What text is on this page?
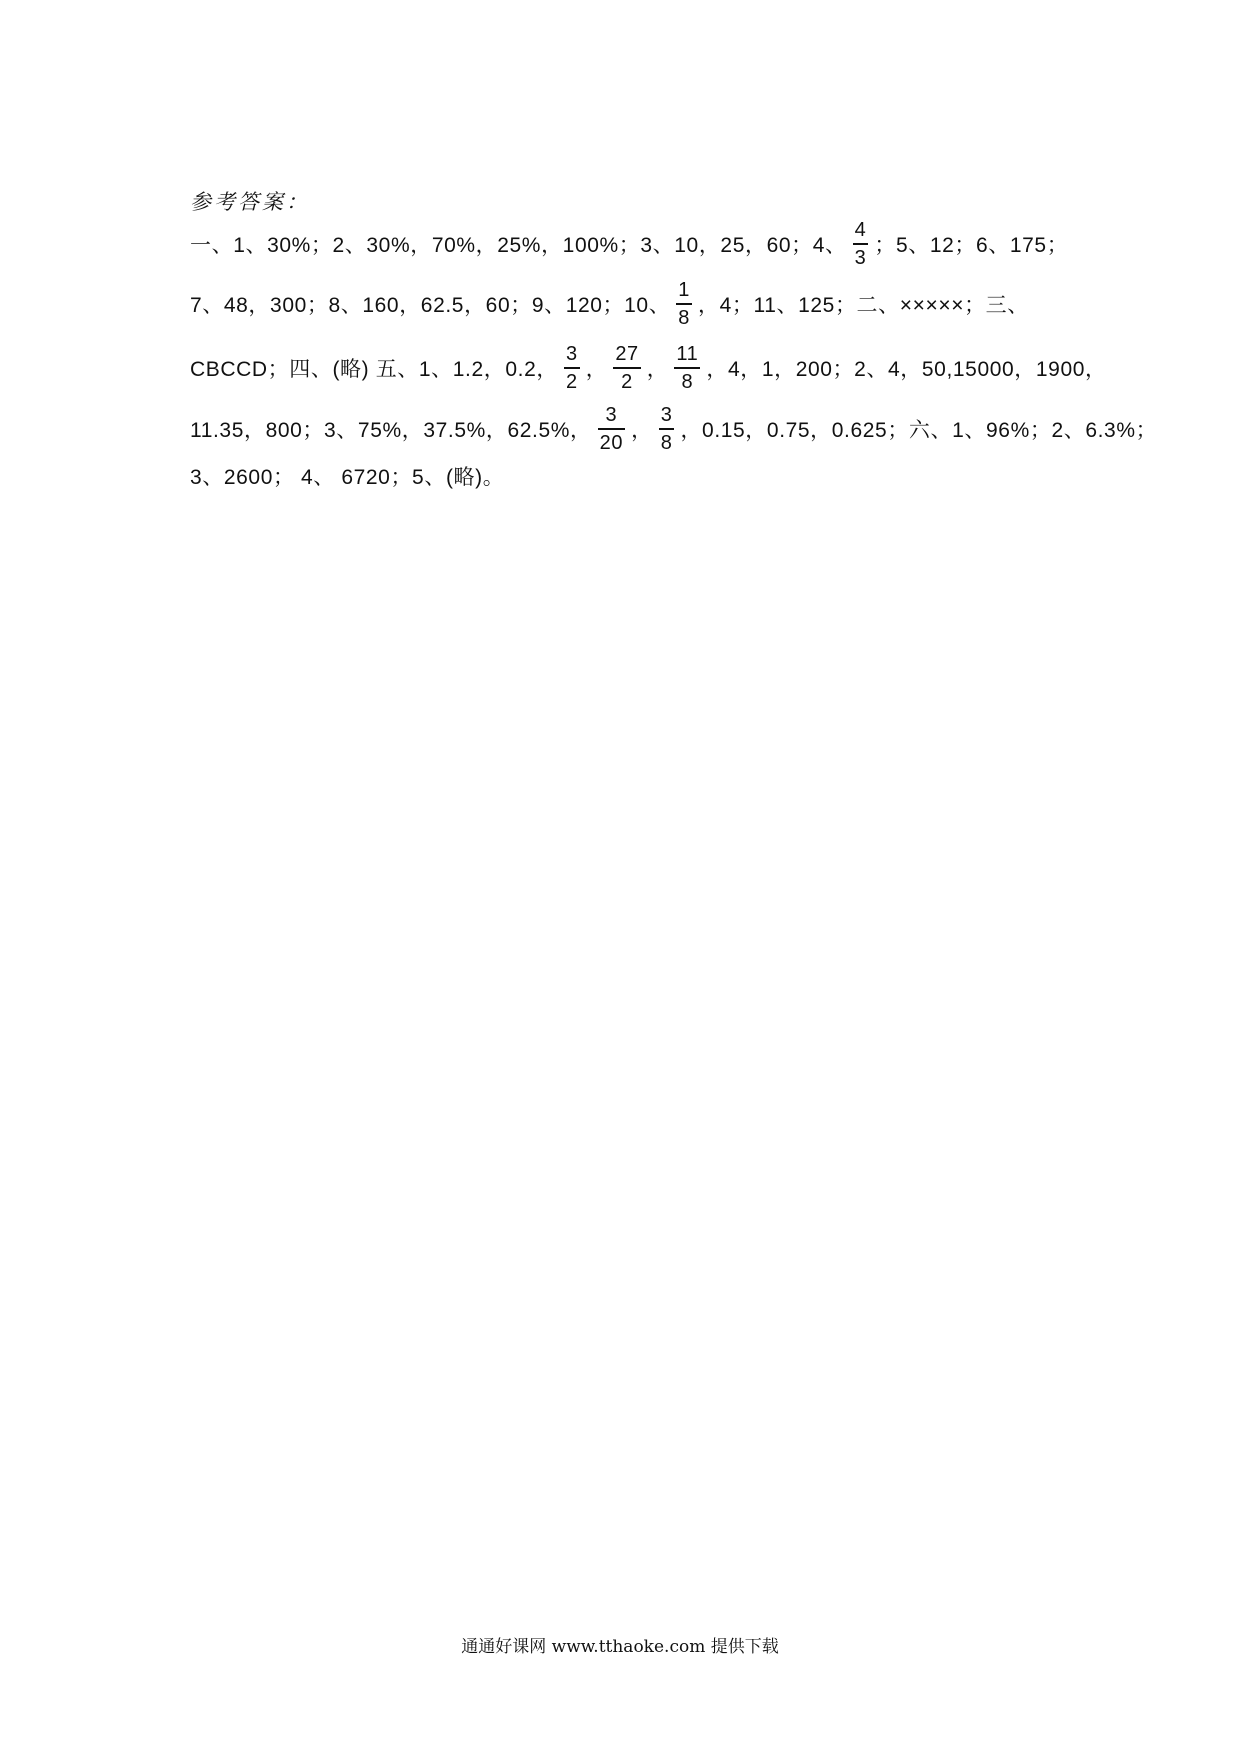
参考答案：
一、1、30%；2、30%，70%，25%，100%；3、10，25，60；4、 $\frac{4}{3}$ ；5、12；6、175；
7、48，300；8、160，62.5，60；9、120；10、 $\frac{1}{8}$ ，4；11、125；二、×××××；三、
CBCCD；四、(略) 五、1、1.2，0.2， $\frac{3}{2}$ ， $\frac{27}{2}$ ， $\frac{11}{8}$ ，4，1，200；2、4，50,15000，1900，
11.35，800；3、75%，37.5%，62.5%， $\frac{3}{20}$ ， $\frac{3}{8}$ ，0.15，0.75，0.625；六、1、96%；2、6.3%；
3、2600； 4、 6720；5、(略)。
通通好课网 www.tthaoke.com 提供下载
